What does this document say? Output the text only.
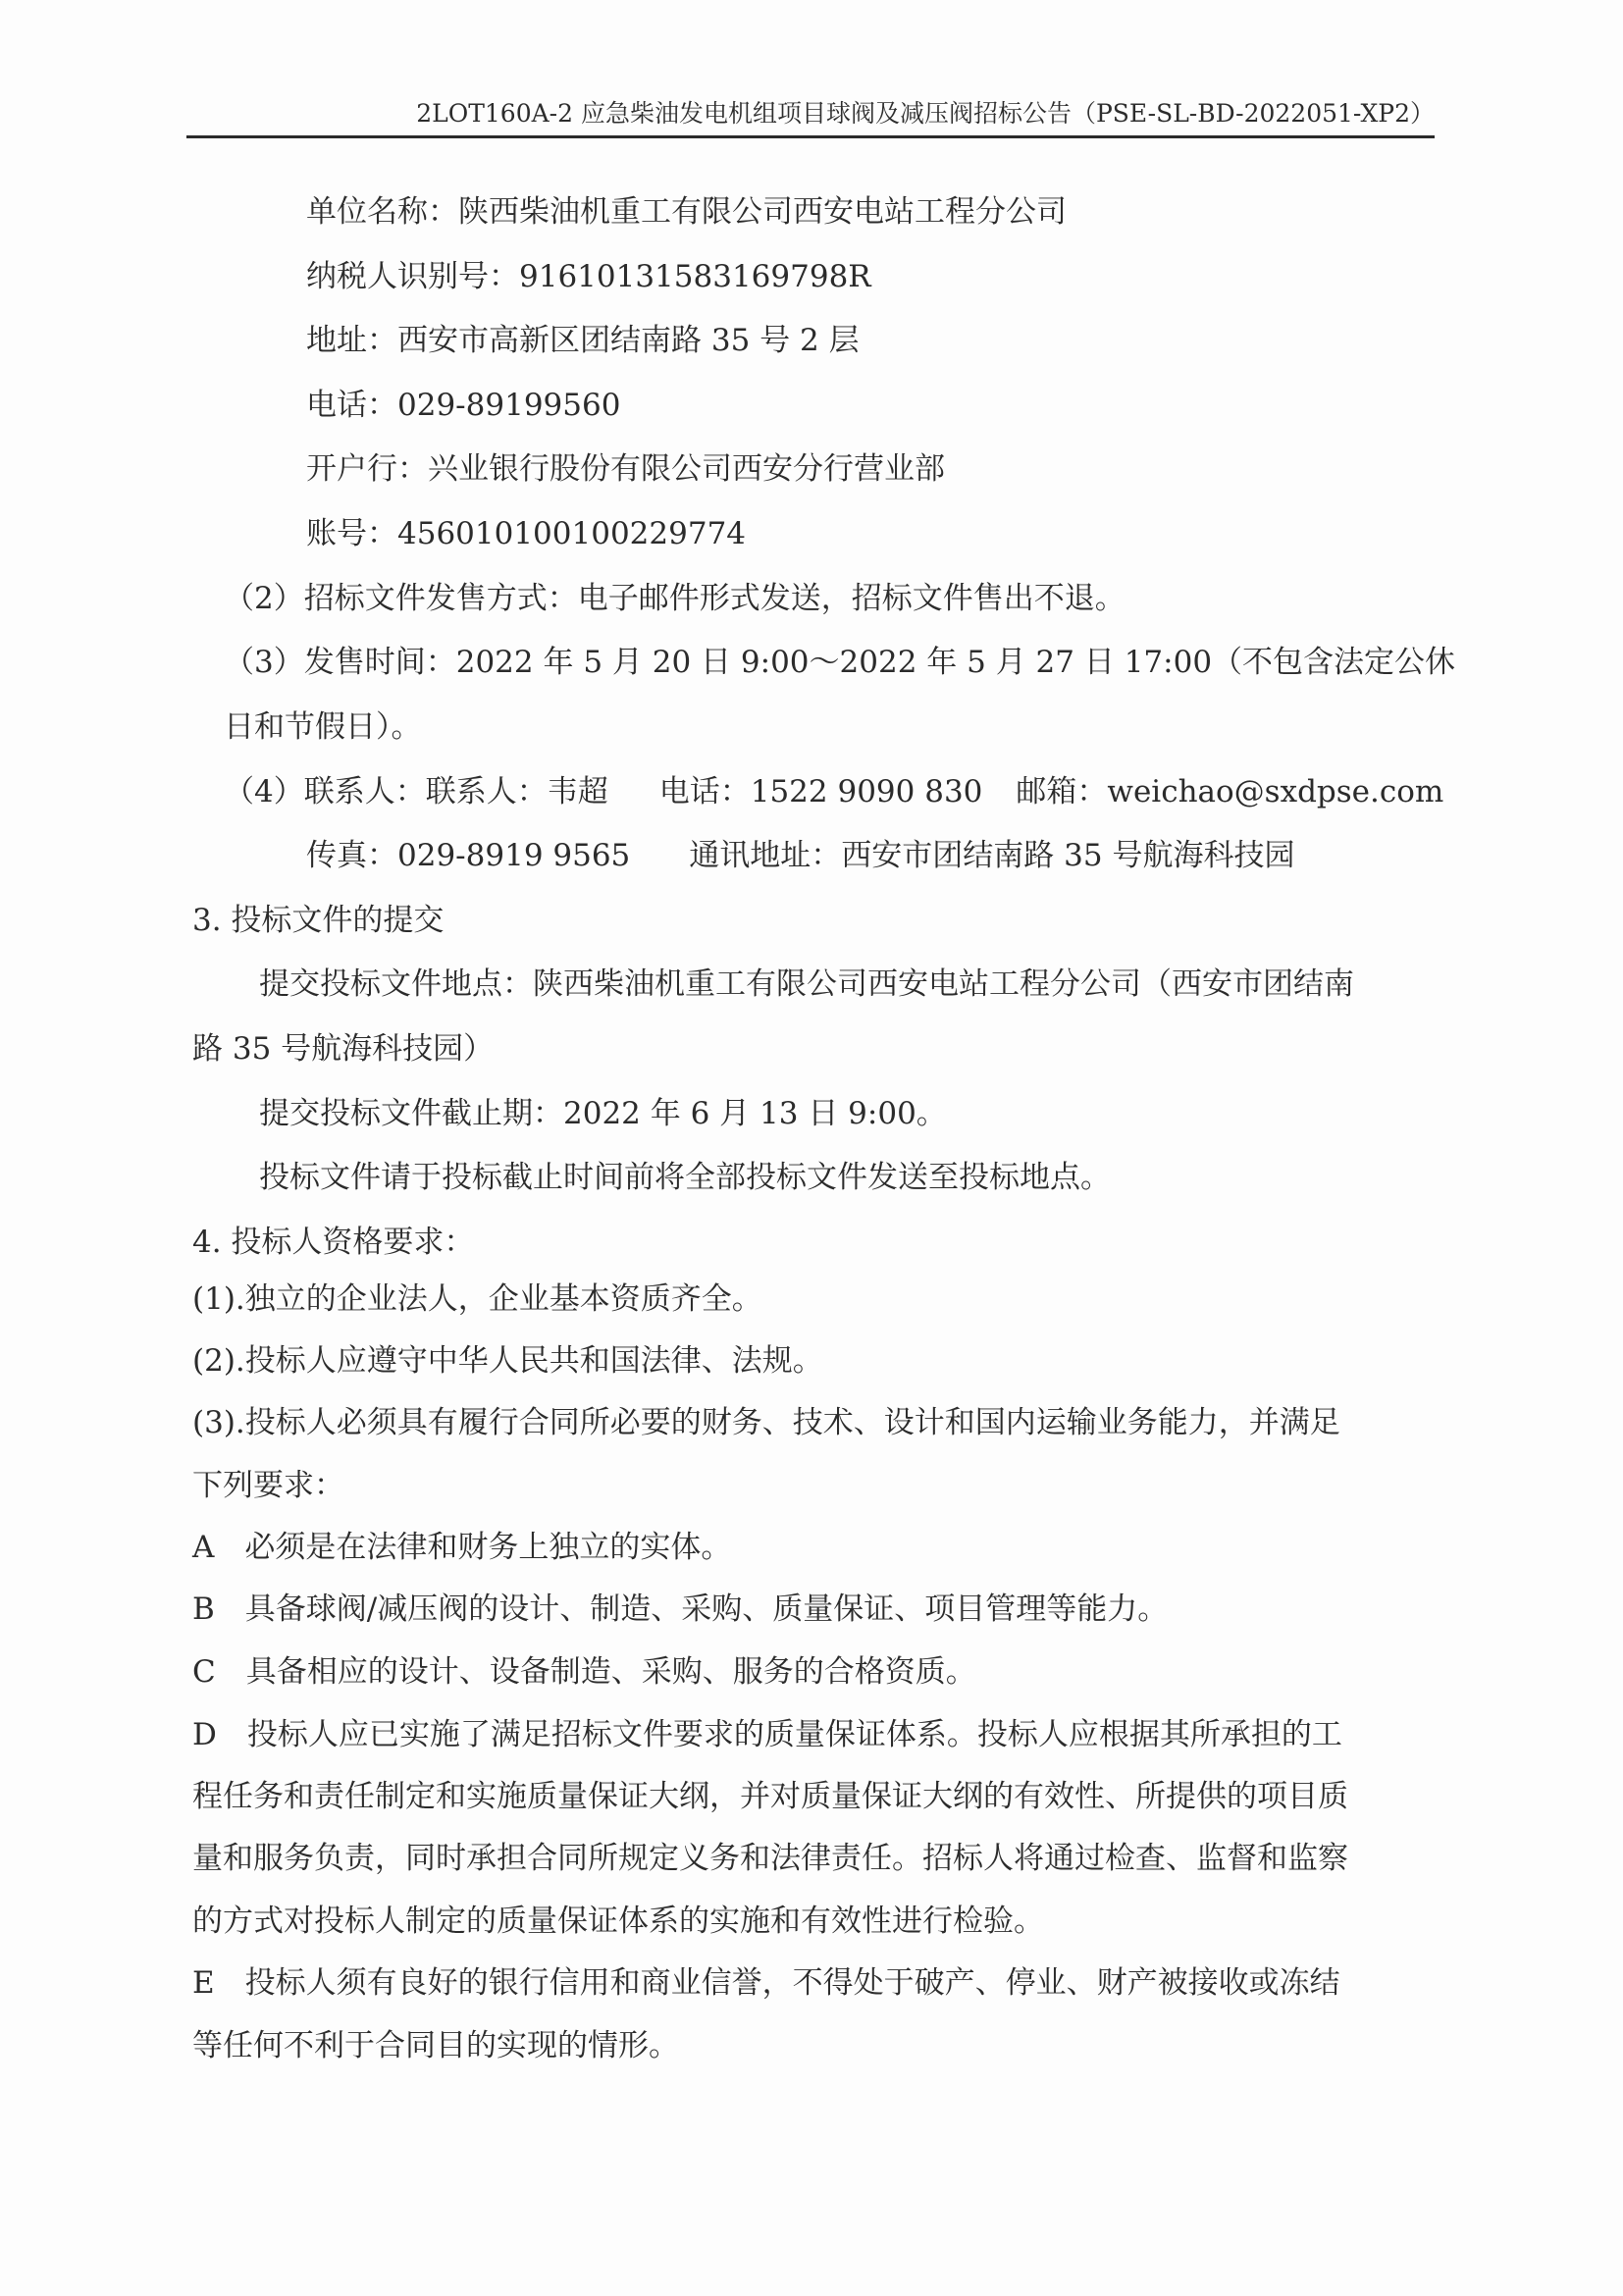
2LOT160A-2 应急柴油发电机组项目球阀及减压阀招标公告（PSE-SL-BD-2022051-XP2）
单位名称：陕西柴油机重工有限公司西安电站工程分公司
纳税人识别号：91610131583169798R
地址：西安市高新区团结南路 35 号 2 层
电话：029-89199560
开户行：兴业银行股份有限公司西安分行营业部
账号：456010100100229774
（2）招标文件发售方式：电子邮件形式发送，招标文件售出不退。
（3）发售时间：2022 年 5 月 20 日 9:00～2022 年 5 月 27 日 17:00（不包含法定公休
日和节假日）。
（4）联系人：联系人：韦超 电话：1522 9090 830 邮箱：weichao@sxdpse.com
传真：029-8919 9565 通讯地址：西安市团结南路 35 号航海科技园
3. 投标文件的提交
提交投标文件地点：陕西柴油机重工有限公司西安电站工程分公司（西安市团结南
路 35 号航海科技园）
提交投标文件截止期：2022 年 6 月 13 日 9:00。
投标文件请于投标截止时间前将全部投标文件发送至投标地点。
4. 投标人资格要求：
(1).独立的企业法人，企业基本资质齐全。
(2).投标人应遵守中华人民共和国法律、法规。
(3).投标人必须具有履行合同所必要的财务、技术、设计和国内运输业务能力，并满足
下列要求：
A　必须是在法律和财务上独立的实体。
B　具备球阀/减压阀的设计、制造、采购、质量保证、项目管理等能力。
C　具备相应的设计、设备制造、采购、服务的合格资质。
D　投标人应已实施了满足招标文件要求的质量保证体系。投标人应根据其所承担的工
程任务和责任制定和实施质量保证大纲，并对质量保证大纲的有效性、所提供的项目质
量和服务负责，同时承担合同所规定义务和法律责任。招标人将通过检查、监督和监察
的方式对投标人制定的质量保证体系的实施和有效性进行检验。
E　投标人须有良好的银行信用和商业信誉，不得处于破产、停业、财产被接收或冻结
等任何不利于合同目的实现的情形。
